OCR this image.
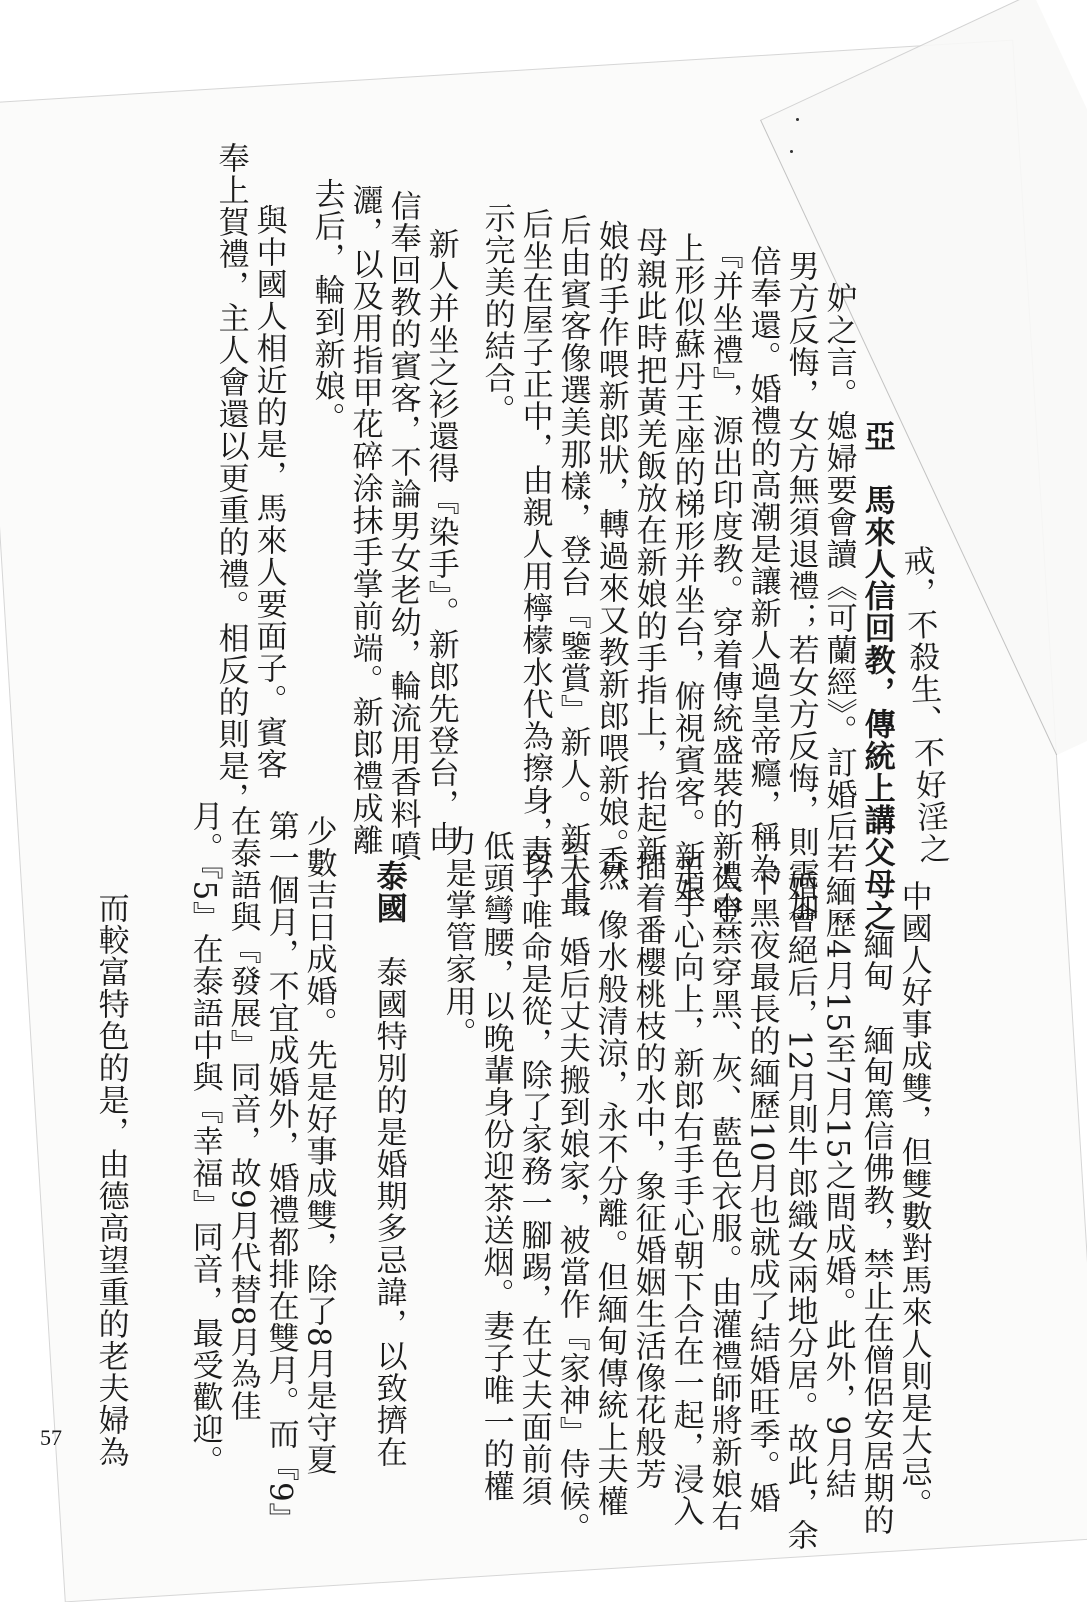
戒，不殺生、不好淫之
亞　馬來人信回教，傳統上講父母之
妒之言。媳婦要會讀《可蘭經》。訂婚后若
男方反悔，女方無須退禮；若女方反悔，則需加
倍奉還。婚禮的高潮是讓新人過皇帝癮，稱為
『并坐禮』，源出印度教。穿着傳統盛裝的新人登
上形似蘇丹王座的梯形并坐台，俯視賓客。新娘
母親此時把黃羌飯放在新娘的手指上，抬起新
娘的手作喂新郎狀，轉過來又教新郎喂新娘。然
后由賓客像選美那樣，登台『鑒賞』新人。新人最
后坐在屋子正中，由親人用檸檬水代為擦身，以
示完美的結合。
　新人并坐之衫還得『染手』。新郎先登台，由
信奉回教的賓客，不論男女老幼，輪流用香料噴
灑，以及用指甲花碎涂抹手掌前端。新郎禮成離
去后，輪到新娘。
　與中國人相近的是，馬來人要面子。賓客
奉上賀禮，主人會還以更重的禮。相反的則是，
中國人好事成雙，但雙數對馬來人則是大忌。
緬甸　緬甸篤信佛教，禁止在僧侶安居期的
緬歷4月15至7月15之間成婚。此外，9月結
婚會絕后，12月則牛郎織女兩地分居。故此，余
下黑夜最長的緬歷10月也就成了結婚旺季。婚
禮中禁穿黑、灰、藍色衣服。由灌禮師將新娘右
手手心向上，新郎右手手心朝下合在一起，浸入
插着番櫻桃枝的水中，象征婚姻生活像花般芳
香，像水般清涼，永不分離。但緬甸傳統上夫權
至上，婚后丈夫搬到娘家，被當作『家神』侍候。
妻子唯命是從，除了家務一腳踢，在丈夫面前須
低頭彎腰，以晚輩身份迎茶送烟。妻子唯一的權
力是掌管家用。
泰國　泰國特別的是婚期多忌諱，以致擠在
少數吉日成婚。先是好事成雙，除了8月是守夏
第一個月，不宜成婚外，婚禮都排在雙月。而『9』
在泰語與『發展』同音，故9月代替8月為佳
月。『5』在泰語中與『幸福』同音，最受歡迎。
　而較富特色的是，由德高望重的老夫婦為
57
